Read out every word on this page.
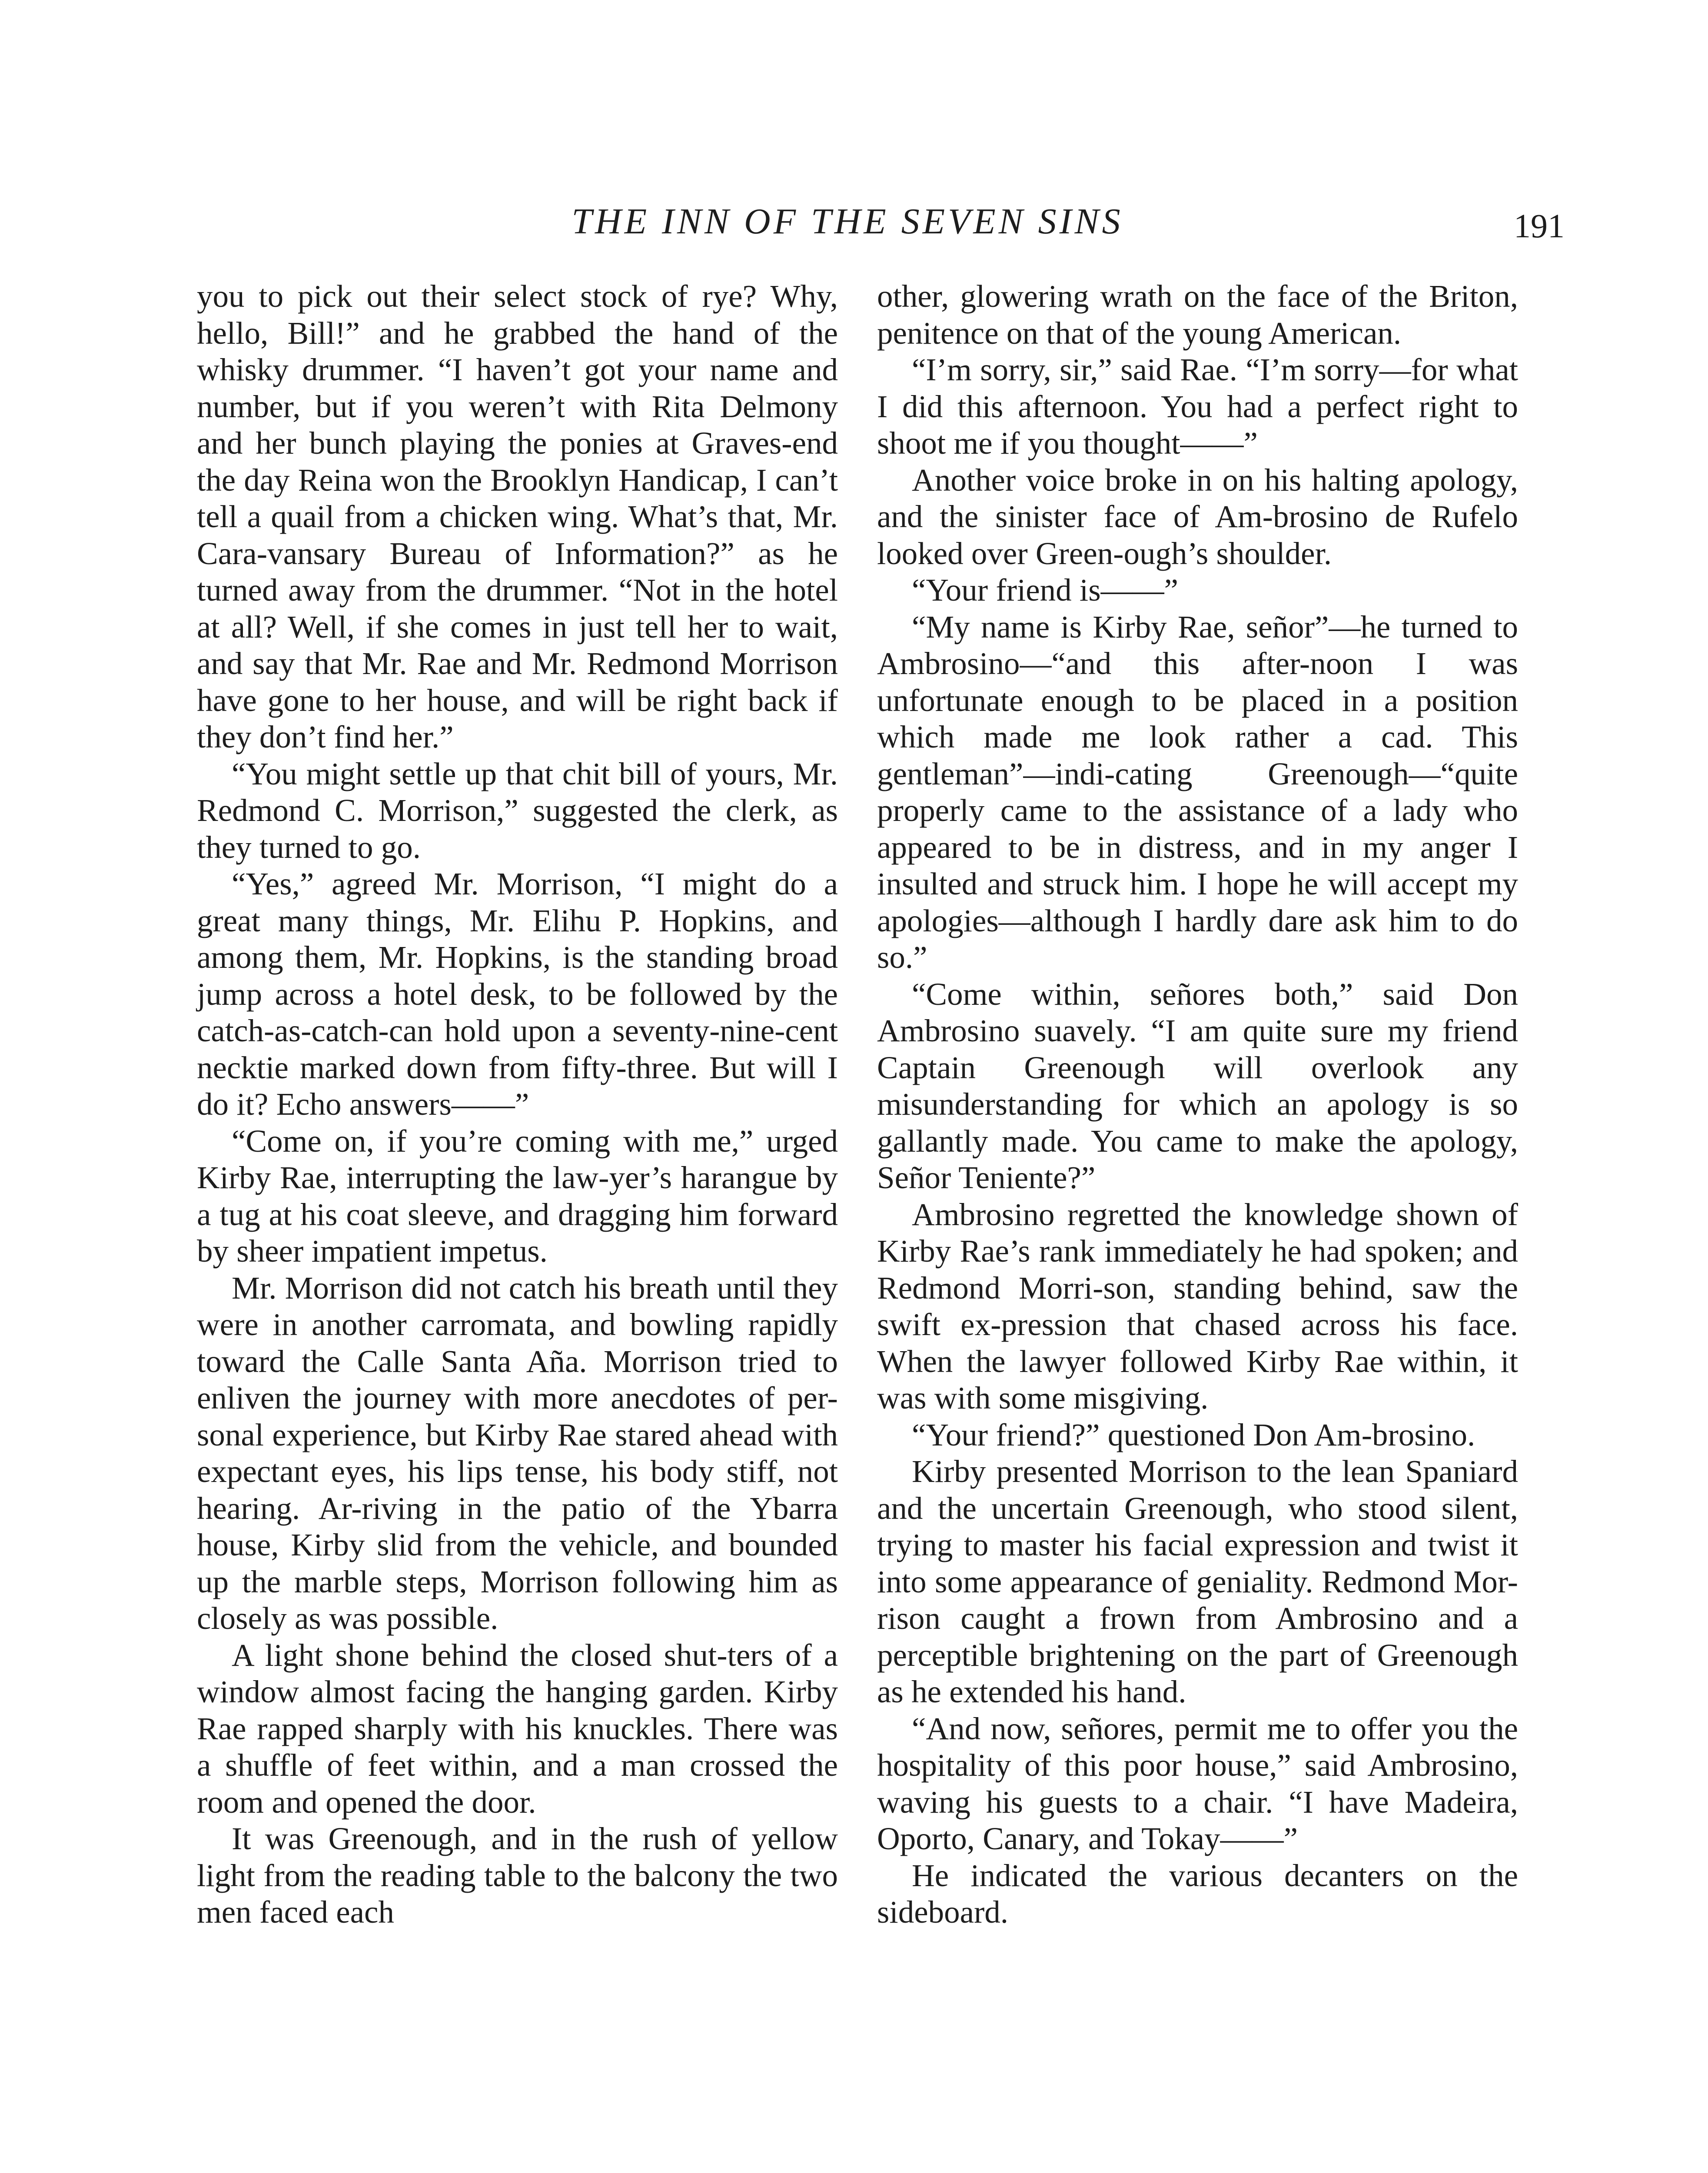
THE INN OF THE SEVEN SINS	191

you to pick out their select stock of rye? Why, hello, Bill!” and he grabbed the hand of the whisky drummer. “I haven’t got your name and number, but if you weren’t with Rita Delmony and her bunch playing the ponies at Graves-end the day Reina won the Brooklyn Handicap, I can’t tell a quail from a chicken wing. What’s that, Mr. Cara-vansary Bureau of Information?” as he turned away from the drummer. “Not in the hotel at all? Well, if she comes in just tell her to wait, and say that Mr. Rae and Mr. Redmond Morrison have gone to her house, and will be right back if they don’t find her.”

“You might settle up that chit bill of yours, Mr. Redmond C. Morrison,” suggested the clerk, as they turned to go.

“Yes,” agreed Mr. Morrison, “I might do a great many things, Mr. Elihu P. Hopkins, and among them, Mr. Hopkins, is the standing broad jump across a hotel desk, to be followed by the catch-as-catch-can hold upon a seventy-nine-cent necktie marked down from fifty-three. But will I do it? Echo answers——”

“Come on, if you’re coming with me,” urged Kirby Rae, interrupting the law-yer’s harangue by a tug at his coat sleeve, and dragging him forward by sheer impatient impetus.

Mr. Morrison did not catch his breath until they were in another carromata, and bowling rapidly toward the Calle Santa Aña. Morrison tried to enliven the journey with more anecdotes of per-sonal experience, but Kirby Rae stared ahead with expectant eyes, his lips tense, his body stiff, not hearing. Ar-riving in the patio of the Ybarra house, Kirby slid from the vehicle, and bounded up the marble steps, Morrison following him as closely as was possible.

A light shone behind the closed shut-ters of a window almost facing the hanging garden. Kirby Rae rapped sharply with his knuckles. There was a shuffle of feet within, and a man crossed the room and opened the door.

It was Greenough, and in the rush of yellow light from the reading table to the balcony the two men faced each

other, glowering wrath on the face of the Briton, penitence on that of the young American.

“I’m sorry, sir,” said Rae. “I’m sorry—for what I did this afternoon. You had a perfect right to shoot me if you thought——”

Another voice broke in on his halting apology, and the sinister face of Am-brosino de Rufelo looked over Green-ough’s shoulder.

“Your friend is——”

“My name is Kirby Rae, señor”—he turned to Ambrosino—“and this after-noon I was unfortunate enough to be placed in a position which made me look rather a cad. This gentleman”—indi-cating Greenough—“quite properly came to the assistance of a lady who appeared to be in distress, and in my anger I insulted and struck him. I hope he will accept my apologies—although I hardly dare ask him to do so.”

“Come within, señores both,” said Don Ambrosino suavely. “I am quite sure my friend Captain Greenough will overlook any misunderstanding for which an apology is so gallantly made. You came to make the apology, Señor Teniente?”

Ambrosino regretted the knowledge shown of Kirby Rae’s rank immediately he had spoken; and Redmond Morri-son, standing behind, saw the swift ex-pression that chased across his face. When the lawyer followed Kirby Rae within, it was with some misgiving.

“Your friend?” questioned Don Am-brosino.

Kirby presented Morrison to the lean Spaniard and the uncertain Greenough, who stood silent, trying to master his facial expression and twist it into some appearance of geniality. Redmond Mor-rison caught a frown from Ambrosino and a perceptible brightening on the part of Greenough as he extended his hand.

“And now, señores, permit me to offer you the hospitality of this poor house,” said Ambrosino, waving his guests to a chair. “I have Madeira, Oporto, Canary, and Tokay——”

He indicated the various decanters on the sideboard.
